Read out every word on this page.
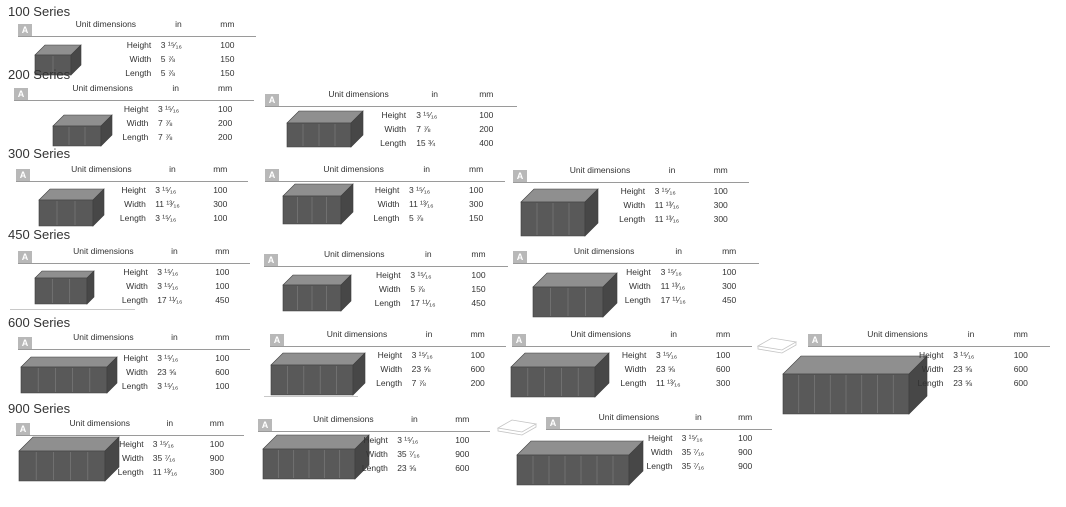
100 Series
A
Unit dimensions	in	mm
Height 3 ¹⁵⁄₁₆	100
Width 5 ⅞	150
Length 5 ⅞	150
200 Series
A
Unit dimensions	in	mm
Height 3 ¹⁵⁄₁₆	100
Width 7 ⅞	200
Length 7 ⅞	200
A
Unit dimensions	in	mm
Height 3 ¹⁵⁄₁₆	100
Width 7 ⅞	200
Length 15 ¾	400
300 Series
A
Unit dimensions	in	mm
Height 3 ¹⁵⁄₁₆	100
Width 11 ¹³⁄₁₆	300
Length 3 ¹⁵⁄₁₆	100
A
Unit dimensions	in	mm
Height 3 ¹⁵⁄₁₆	100
Width 11 ¹³⁄₁₆	300
Length 5 ⅞	150
A
Unit dimensions	in	mm
Height 3 ¹⁵⁄₁₆	100
Width 11 ¹³⁄₁₆	300
Length 11 ¹³⁄₁₆	300
450 Series
A
Unit dimensions	in	mm
Height 3 ¹⁵⁄₁₆	100
Width 3 ¹⁵⁄₁₆	100
Length 17 ¹¹⁄₁₆	450
A
Unit dimensions	in	mm
Height 3 ¹⁵⁄₁₆	100
Width 5 ⅞	150
Length 17 ¹¹⁄₁₆	450
A
Unit dimensions	in	mm
Height 3 ¹⁵⁄₁₆	100
Width 11 ¹³⁄₁₆	300
Length 17 ¹¹⁄₁₆	450
600 Series
A
Unit dimensions	in	mm
Height 3 ¹⁵⁄₁₆	100
Width 23 ⅝	600
Length 3 ¹⁵⁄₁₆	100
A
Unit dimensions	in	mm
Height 3 ¹⁵⁄₁₆	100
Width 23 ⅝	600
Length 7 ⅞	200
A
Unit dimensions	in	mm
Height 3 ¹⁵⁄₁₆	100
Width 23 ⅝	600
Length 11 ¹³⁄₁₆	300
A
Unit dimensions	in	mm
Height 3 ¹⁵⁄₁₆	100
Width 23 ⅝	600
Length 23 ⅝	600
900 Series
A
Unit dimensions	in	mm
Height 3 ¹⁵⁄₁₆	100
Width 35 ⁷⁄₁₆	900
Length 11 ¹³⁄₁₆	300
A
Unit dimensions	in	mm
Height 3 ¹⁵⁄₁₆	100
Width 35 ⁷⁄₁₆	900
Length 23 ⅝	600
A
Unit dimensions	in	mm
Height 3 ¹⁵⁄₁₆	100
Width 35 ⁷⁄₁₆	900
Length 35 ⁷⁄₁₆	900
